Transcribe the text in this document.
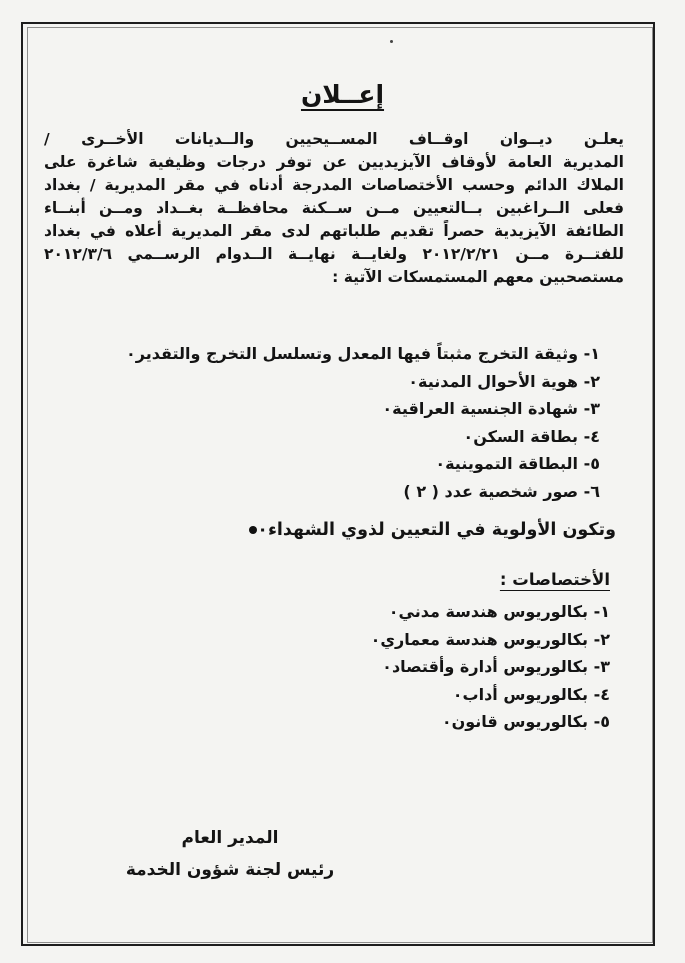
إعــلان
يعلـن ديــوان اوقــاف المســيحيين والــديانات الأخــرى /
المديرية العامة لأوقاف الآيزيديين عن توفر درجات وظيفية شاغرة على
الملاك الدائم وحسب الأختصاصات المدرجة أدناه في مقر المديرية / بغداد
فعلى الــراغبين بــالتعيين مــن ســكنة محافظــة بغــداد ومــن أبنــاء
الطائفة الآيزيدية حصراً تقديم طلباتهم لدى مقر المديرية أعلاه في بغداد
للفتــرة مــن ٢٠١٢/٢/٢١ ولغايــة نهايــة الــدوام الرســمي ٢٠١٢/٣/٦
مستصحبين معهم المستمسكات الآتية :
١- وثيقة التخرج مثبتاً فيها المعدل وتسلسل التخرج والتقدير٠
٢- هوية الأحوال المدنية٠
٣- شهادة الجنسية العراقية٠
٤- بطاقة السكن٠
٥- البطاقة التموينية٠
٦- صور شخصية عدد ( ٢ )
وتكون الأولوية في التعيين لذوي الشهداء٠
الأختصاصات :
١- بكالوريوس هندسة مدني٠
٢- بكالوريوس هندسة معماري٠
٣- بكالوريوس أدارة وأقتصاد٠
٤- بكالوريوس أداب٠
٥- بكالوريوس قانون٠
المدير العام
رئيس لجنة شؤون الخدمة
